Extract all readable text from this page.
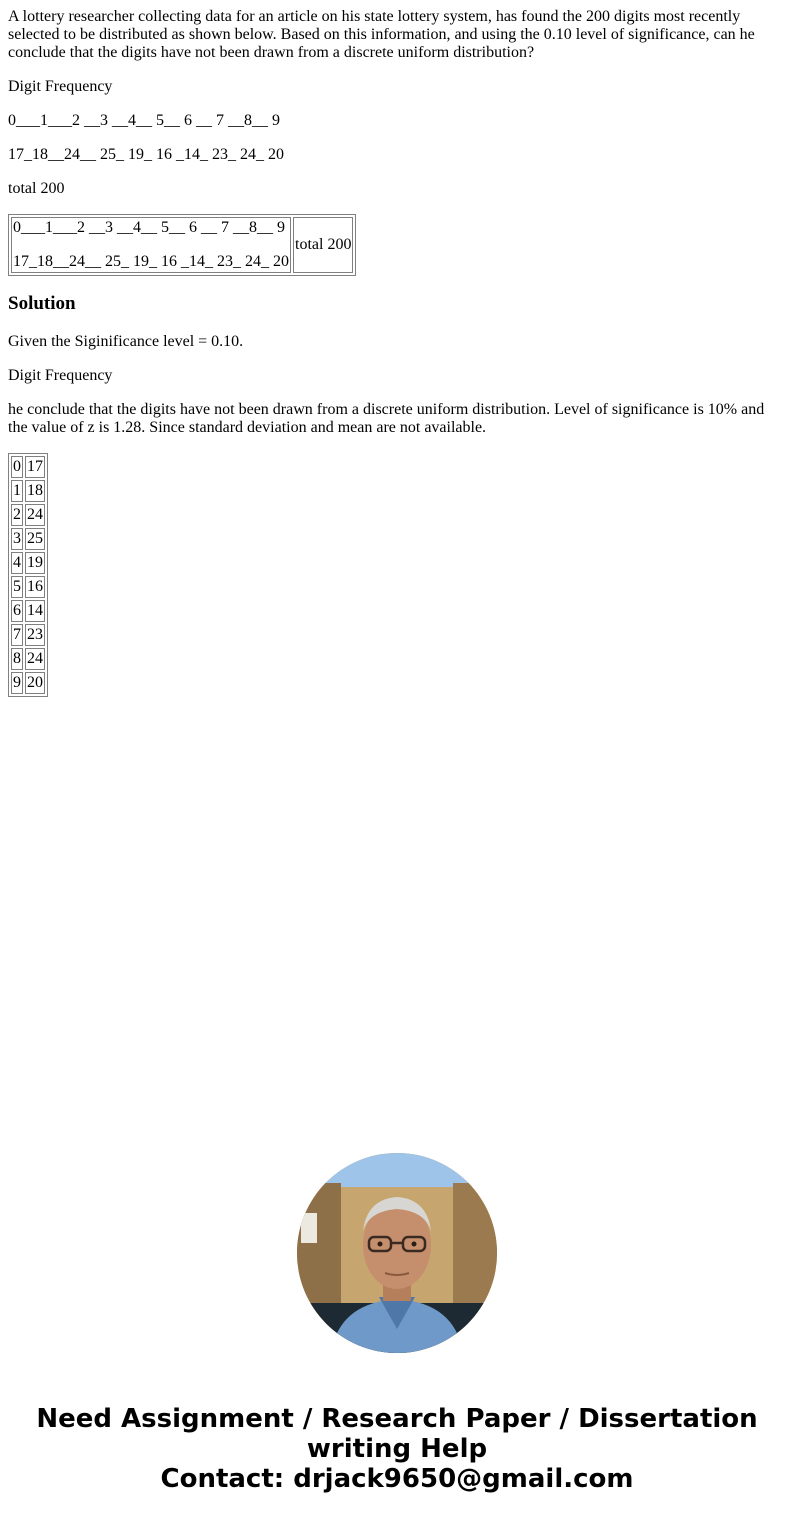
A lottery researcher collecting data for an article on his state lottery system, has found the 200 digits most recently selected to be distributed as shown below. Based on this information, and using the 0.10 level of significance, can he conclude that the digits have not been drawn from a discrete uniform distribution?

Digit Frequency

0___1___2 __3 __4__ 5__ 6 __ 7 __8__ 9

17_18__24__ 25_ 19_ 16 _14_ 23_ 24_ 20

total 200

0___1___2 __3 __4__ 5__ 6 __ 7 __8__ 9
17_18__24__ 25_ 19_ 16 _14_ 23_ 24_ 20	total 200
Solution

Given the Siginificance level = 0.10.

Digit Frequency

he conclude that the digits have not been drawn from a discrete uniform distribution. Level of significance is 10% and the value of z is 1.28. Since standard deviation and mean are not available.

0	17
1	18
2	24
3	25
4	19
5	16
6	14
7	23
8	24
9	20
Need Assignment / Research Paper / Dissertation
writing Help
Contact: drjack9650@gmail.com
